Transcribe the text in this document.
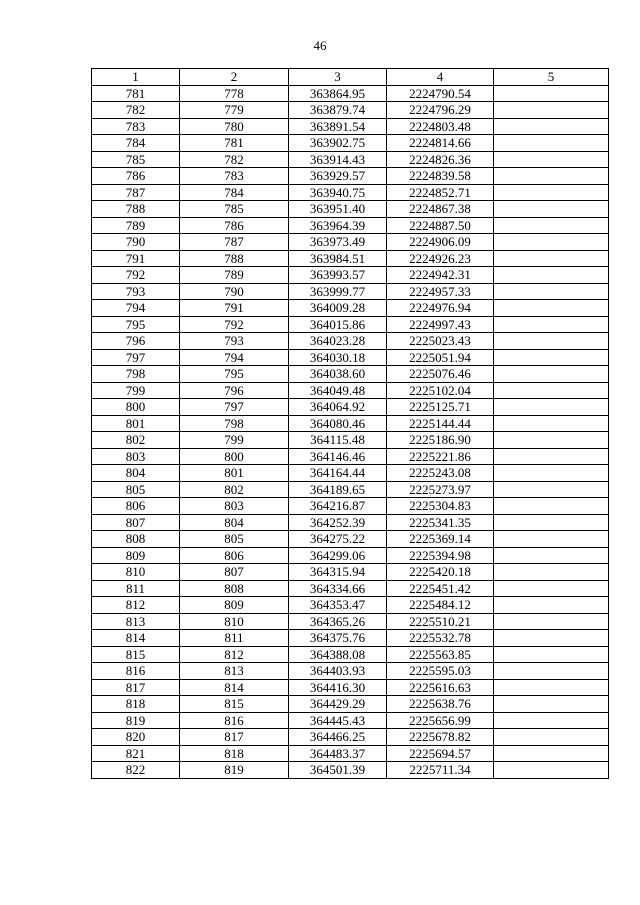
46
1	2	3	4	5
781	778	363864.95	2224790.54	
782	779	363879.74	2224796.29	
783	780	363891.54	2224803.48	
784	781	363902.75	2224814.66	
785	782	363914.43	2224826.36	
786	783	363929.57	2224839.58	
787	784	363940.75	2224852.71	
788	785	363951.40	2224867.38	
789	786	363964.39	2224887.50	
790	787	363973.49	2224906.09	
791	788	363984.51	2224926.23	
792	789	363993.57	2224942.31	
793	790	363999.77	2224957.33	
794	791	364009.28	2224976.94	
795	792	364015.86	2224997.43	
796	793	364023.28	2225023.43	
797	794	364030.18	2225051.94	
798	795	364038.60	2225076.46	
799	796	364049.48	2225102.04	
800	797	364064.92	2225125.71	
801	798	364080.46	2225144.44	
802	799	364115.48	2225186.90	
803	800	364146.46	2225221.86	
804	801	364164.44	2225243.08	
805	802	364189.65	2225273.97	
806	803	364216.87	2225304.83	
807	804	364252.39	2225341.35	
808	805	364275.22	2225369.14	
809	806	364299.06	2225394.98	
810	807	364315.94	2225420.18	
811	808	364334.66	2225451.42	
812	809	364353.47	2225484.12	
813	810	364365.26	2225510.21	
814	811	364375.76	2225532.78	
815	812	364388.08	2225563.85	
816	813	364403.93	2225595.03	
817	814	364416.30	2225616.63	
818	815	364429.29	2225638.76	
819	816	364445.43	2225656.99	
820	817	364466.25	2225678.82	
821	818	364483.37	2225694.57	
822	819	364501.39	2225711.34	
